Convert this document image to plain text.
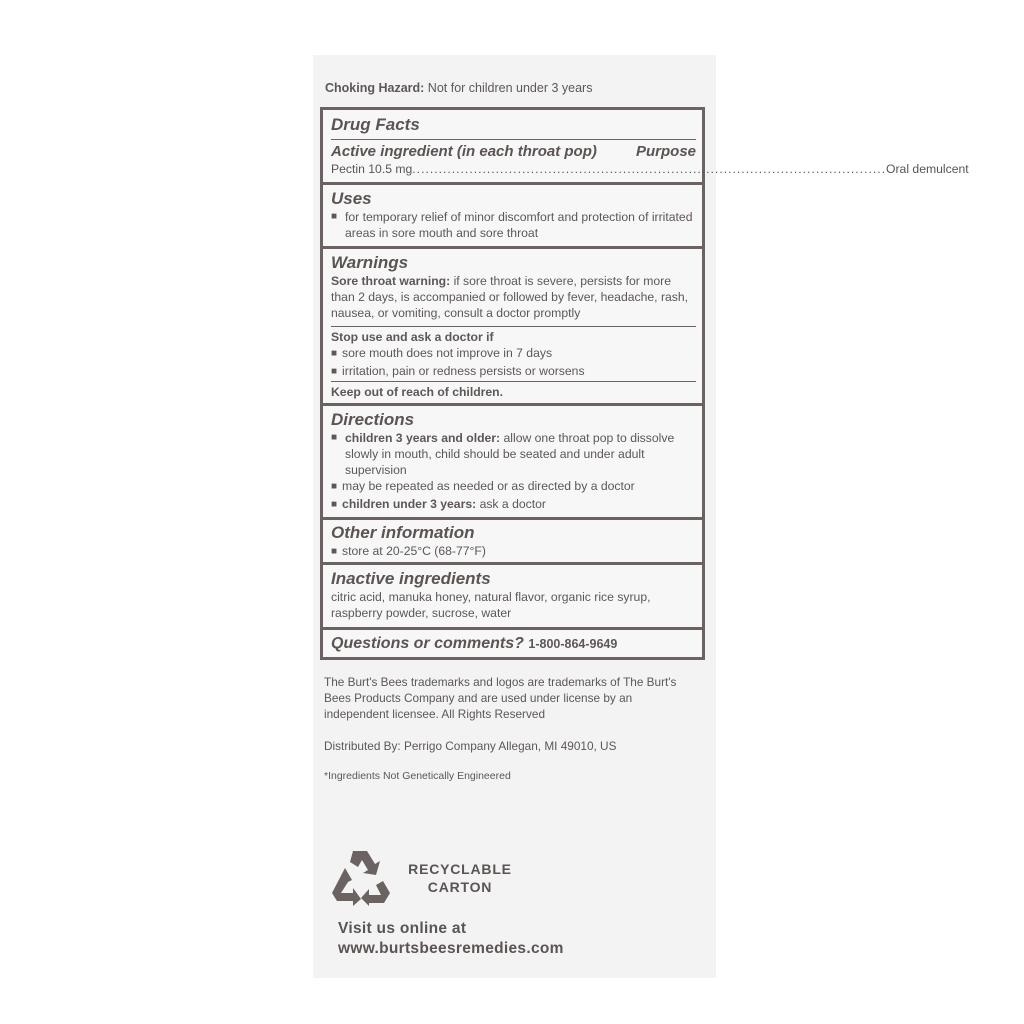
Choking Hazard: Not for children under 3 years
Drug Facts
Active ingredient (in each throat pop)	Purpose
Pectin 10.5 mg ............................................................................................................ Oral demulcent
Uses
■ for temporary relief of minor discomfort and protection of irritated areas in sore mouth and sore throat
Warnings
Sore throat warning: if sore throat is severe, persists for more than 2 days, is accompanied or followed by fever, headache, rash, nausea, or vomiting, consult a doctor promptly
Stop use and ask a doctor if
■ sore mouth does not improve in 7 days
■ irritation, pain or redness persists or worsens
Keep out of reach of children.
Directions
■ children 3 years and older: allow one throat pop to dissolve slowly in mouth, child should be seated and under adult supervision
■ may be repeated as needed or as directed by a doctor
■ children under 3 years: ask a doctor
Other information
■ store at 20-25°C (68-77°F)
Inactive ingredients
citric acid, manuka honey, natural flavor, organic rice syrup, raspberry powder, sucrose, water
Questions or comments? 1-800-864-9649
The Burt's Bees trademarks and logos are trademarks of The Burt's Bees Products Company and are used under license by an independent licensee. All Rights Reserved
Distributed By: Perrigo Company Allegan, MI 49010, US
*Ingredients Not Genetically Engineered
RECYCLABLE
CARTON
Visit us online at
www.burtsbeesremedies.com
